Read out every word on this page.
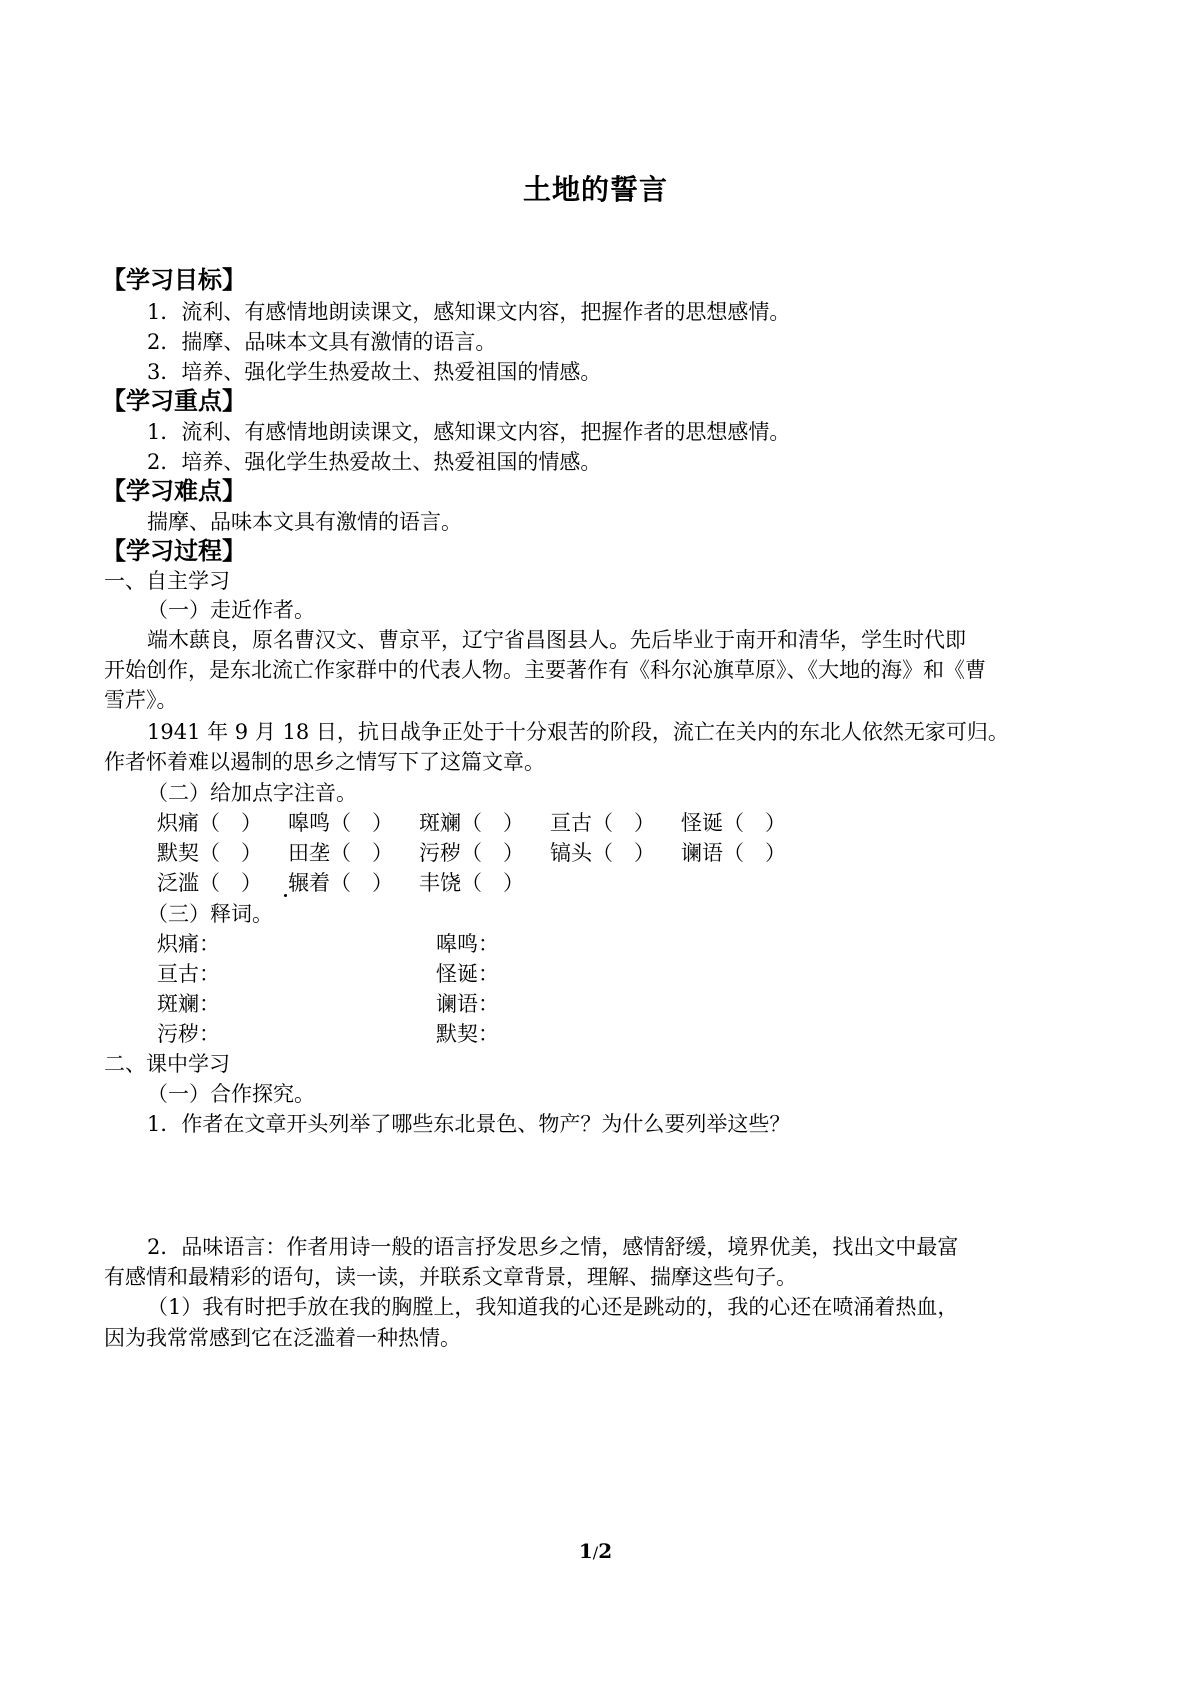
土地的誓言
【学习目标】
1．流利、有感情地朗读课文，感知课文内容，把握作者的思想感情。
2．揣摩、品味本文具有激情的语言。
3．培养、强化学生热爱故土、热爱祖国的情感。
【学习重点】
1．流利、有感情地朗读课文，感知课文内容，把握作者的思想感情。
2．培养、强化学生热爱故土、热爱祖国的情感。
【学习难点】
揣摩、品味本文具有激情的语言。
【学习过程】
一、自主学习
（一）走近作者。
端木蕻良，原名曹汉文、曹京平，辽宁省昌图县人。先后毕业于南开和清华，学生时代即
开始创作，是东北流亡作家群中的代表人物。主要著作有《科尔沁旗草原》、《大地的海》和《曹
雪芹》。
1941 年 9 月 18 日，抗日战争正处于十分艰苦的阶段，流亡在关内的东北人依然无家可归。
作者怀着难以遏制的思乡之情写下了这篇文章。
（二）给加点字注音。
炽痛（　） 嗥鸣（　） 斑斓（　） 亘古（　） 怪诞（　）
默契（　） 田垄（　） 污秽（　） 镐头（　） 谰语（　）
泛滥（　） 辗着（　） 丰饶（　）
（三）释词。
炽痛：	嗥鸣：
亘古：	怪诞：
斑斓：	谰语：
污秽：	默契：
二、课中学习
（一）合作探究。
1．作者在文章开头列举了哪些东北景色、物产？为什么要列举这些？
2．品味语言：作者用诗一般的语言抒发思乡之情，感情舒缓，境界优美，找出文中最富
有感情和最精彩的语句，读一读，并联系文章背景，理解、揣摩这些句子。
（1）我有时把手放在我的胸膛上，我知道我的心还是跳动的，我的心还在喷涌着热血，
因为我常常感到它在泛滥着一种热情。
1/2
